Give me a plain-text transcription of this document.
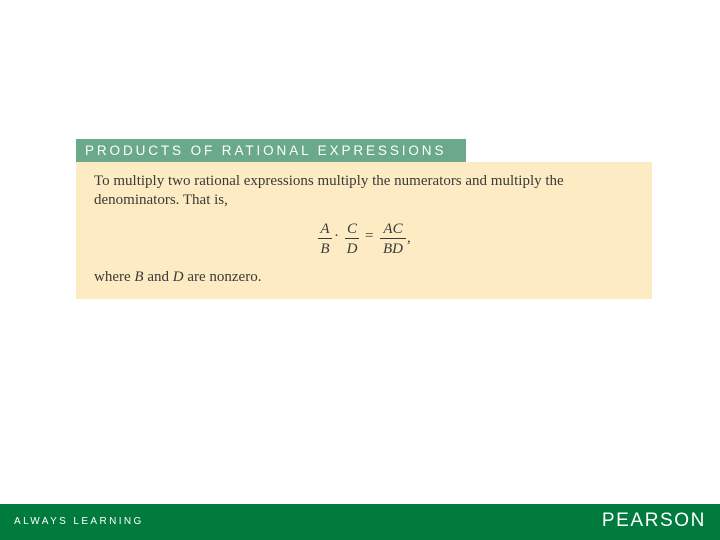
PRODUCTS OF RATIONAL EXPRESSIONS

To multiply two rational expressions multiply the numerators and multiply the denominators. That is,

A
B
· C
D
= AC
BD
,

where B and D are nonzero.

ALWAYS LEARNING	PEARSON
